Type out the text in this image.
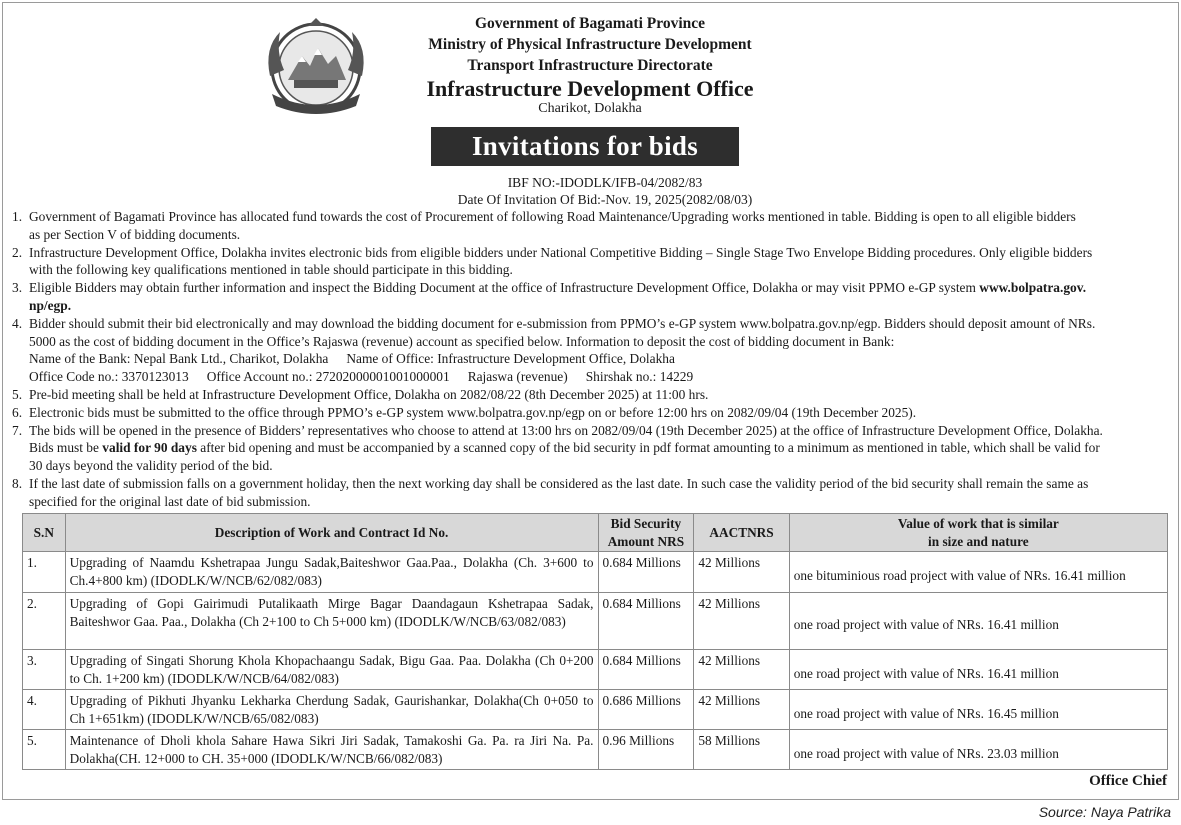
Government of Bagamati Province
Ministry of Physical Infrastructure Development
Transport Infrastructure Directorate
Infrastructure Development Office
Charikot, Dolakha
Invitations for bids
IBF NO:-IDODLK/IFB-04/2082/83
Date Of Invitation Of Bid:-Nov. 19, 2025(2082/08/03)
1. Government of Bagamati Province has allocated fund towards the cost of Procurement of following Road Maintenance/Upgrading works mentioned in table. Bidding is open to all eligible bidders
as per Section V of bidding documents.
2. Infrastructure Development Office, Dolakha invites electronic bids from eligible bidders under National Competitive Bidding – Single Stage Two Envelope Bidding procedures. Only eligible bidders
with the following key qualifications mentioned in table should participate in this bidding.
3. Eligible Bidders may obtain further information and inspect the Bidding Document at the office of Infrastructure Development Office, Dolakha or may visit PPMO e-GP system www.bolpatra.gov.
np/egp.
4. Bidder should submit their bid electronically and may download the bidding document for e-submission from PPMO’s e-GP system www.bolpatra.gov.np/egp. Bidders should deposit amount of NRs.
5000 as the cost of bidding document in the Office’s Rajaswa (revenue) account as specified below. Information to deposit the cost of bidding document in Bank:
Name of the Bank: Nepal Bank Ltd., Charikot, Dolakha Name of Office: Infrastructure Development Office, Dolakha
Office Code no.: 3370123013 Office Account no.: 27202000001001000001 Rajaswa (revenue) Shirshak no.: 14229
5. Pre-bid meeting shall be held at Infrastructure Development Office, Dolakha on 2082/08/22 (8th December 2025) at 11:00 hrs.
6. Electronic bids must be submitted to the office through PPMO’s e-GP system www.bolpatra.gov.np/egp on or before 12:00 hrs on 2082/09/04 (19th December 2025).
7. The bids will be opened in the presence of Bidders’ representatives who choose to attend at 13:00 hrs on 2082/09/04 (19th December 2025) at the office of Infrastructure Development Office, Dolakha.
Bids must be valid for 90 days after bid opening and must be accompanied by a scanned copy of the bid security in pdf format amounting to a minimum as mentioned in table, which shall be valid for
30 days beyond the validity period of the bid.
8. If the last date of submission falls on a government holiday, then the next working day shall be considered as the last date. In such case the validity period of the bid security shall remain the same as
specified for the original last date of bid submission.
S.N	Description of Work and Contract Id No.	Bid Security
Amount NRS	AACTNRS	Value of work that is similar
in size and nature
1.	Upgrading of Naamdu Kshetrapaa Jungu Sadak,Baiteshwor Gaa.Paa., Dolakha (Ch. 3+600 to Ch.4+800 km) (IDODLK/W/NCB/62/082/083)	0.684 Millions	42 Millions	one bituminious road project with value of NRs. 16.41 million
2.	Upgrading of Gopi Gairimudi Putalikaath Mirge Bagar Daandagaun Kshetrapaa Sadak, Baiteshwor Gaa. Paa., Dolakha (Ch 2+100 to Ch 5+000 km) (IDODLK/W/NCB/63/082/083)	0.684 Millions	42 Millions	one road project with value of NRs. 16.41 million
3.	Upgrading of Singati Shorung Khola Khopachaangu Sadak, Bigu Gaa. Paa. Dolakha (Ch 0+200 to Ch. 1+200 km) (IDODLK/W/NCB/64/082/083)	0.684 Millions	42 Millions	one road project with value of NRs. 16.41 million
4.	Upgrading of Pikhuti Jhyanku Lekharka Cherdung Sadak, Gaurishankar, Dolakha(Ch 0+050 to Ch 1+651km) (IDODLK/W/NCB/65/082/083)	0.686 Millions	42 Millions	one road project with value of NRs. 16.45 million
5.	Maintenance of Dholi khola Sahare Hawa Sikri Jiri Sadak, Tamakoshi Ga. Pa. ra Jiri Na. Pa. Dolakha(CH. 12+000 to CH. 35+000 (IDODLK/W/NCB/66/082/083)	0.96 Millions	58 Millions	one road project with value of NRs. 23.03 million
Office Chief
Source: Naya Patrika
